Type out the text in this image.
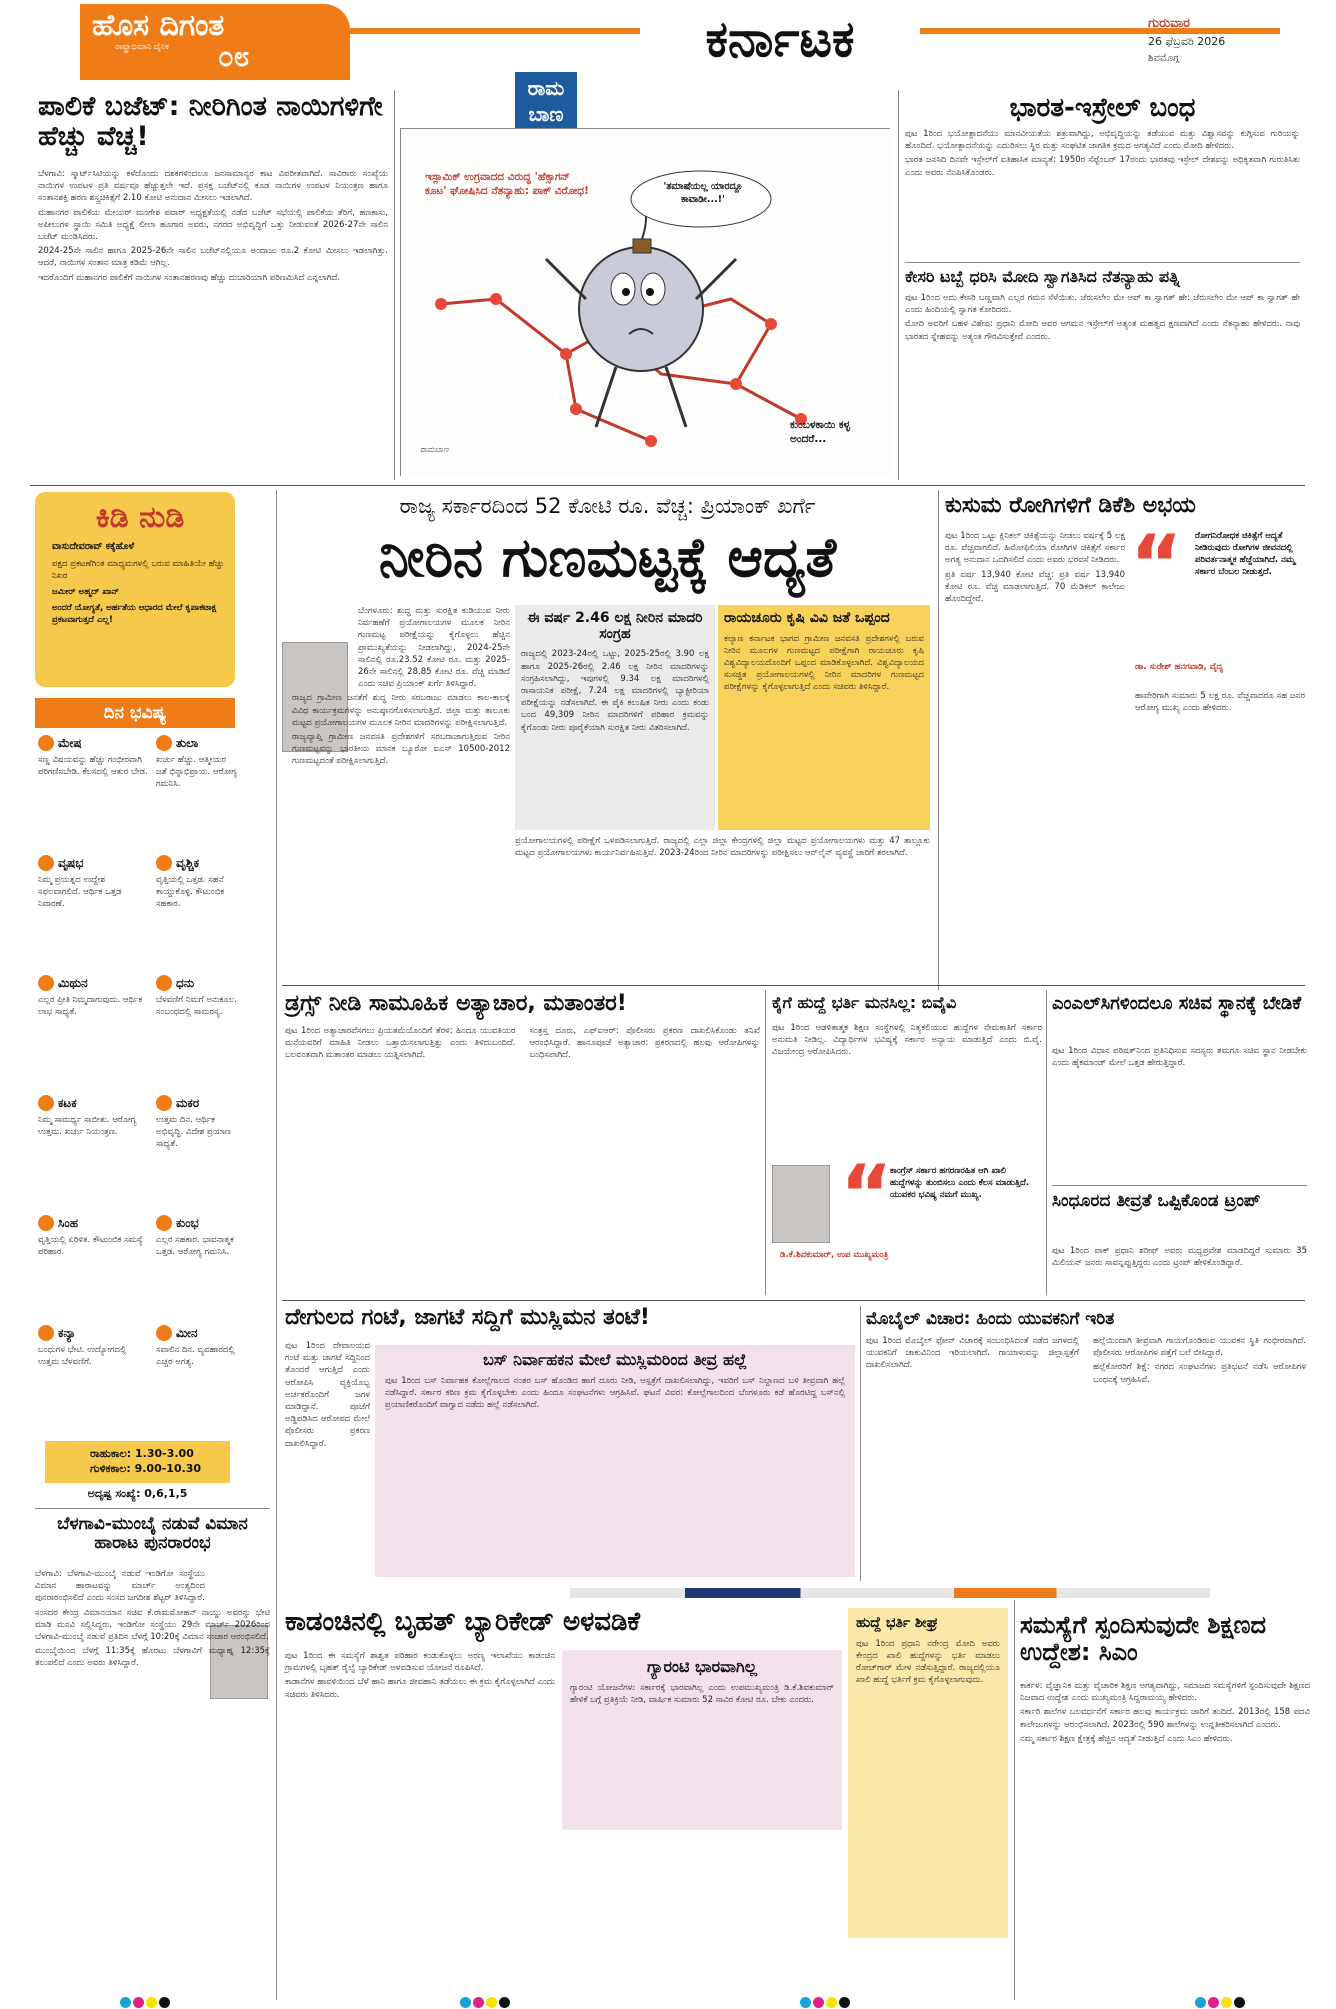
ಹೊಸ ದಿಗಂತ
ರಾಷ್ಟ್ರಾಭಿಮಾನಿ ದೈನಿಕ	೦೮	ಕರ್ನಾಟಕ	ಗುರುವಾರ
26 ಫೆಬ್ರವರಿ 2026
ಶಿವಮೊಗ್ಗ
ಪಾಲಿಕೆ ಬಜೆಟ್: ನೀರಿಗಿಂತ ನಾಯಿಗಳಿಗೇ ಹೆಚ್ಚು ವೆಚ್ಚ!

ಬೆಳಗಾವಿ: ಸ್ಮಾರ್ಟ್‌ಸಿಟಿಯನ್ನು ಕಳೆದೊಂದು ದಶಕಗಳಿಂದಲೂ ಜನಸಾಮಾನ್ಯರ ಕಾಟ ವಿಪರೀತವಾಗಿದೆ. ಸಾವಿರಾರು ಸಂಖ್ಯೆಯ ನಾಯಿಗಳ ಉಪಟಳ ಪ್ರತಿ ವರ್ಷವೂ ಹೆಚ್ಚುತ್ತಲೇ ಇದೆ. ಪ್ರಸಕ್ತ ಬಜೆಟ್‌ನಲ್ಲಿ ಕೂಡ ನಾಯಿಗಳ ಉಪಟಳ ನಿಯಂತ್ರಣ ಹಾಗೂ ಸಂತಾನಶಕ್ತಿ ಹರಣ ಶಸ್ತ್ರಚಿಕಿತ್ಸೆಗೆ 2.10 ಕೋಟಿ ಅನುದಾನ ಮೀಸಲು ಇಡಲಾಗಿದೆ.

ಮಹಾನಗರ ಪಾಲಿಕೆಯ ಮೇಯರ್ ಮಂಗೇಶ ಪವಾರ್ ಅಧ್ಯಕ್ಷತೆಯಲ್ಲಿ ನಡೆದ ಬಜೆಟ್ ಸಭೆಯಲ್ಲಿ ಪಾಲಿಕೆಯ ತೆರಿಗೆ, ಹಣಕಾಸು, ಅಪೀಲುಗಳ ಸ್ಥಾಯಿ ಸಮಿತಿ ಅಧ್ಯಕ್ಷೆ ಲೀಲಾ ಹೂಗಾರ ಅವರು, ನಗರದ ಅಭಿವೃದ್ಧಿಗೆ ಒತ್ತು ನೀಡುವಂತೆ 2026-27ನೇ ಸಾಲಿನ ಬಜೆಟ್ ಮಂಡಿಸಿದರು.

2024-25ನೇ ಸಾಲಿನ ಹಾಗೂ 2025-26ನೇ ಸಾಲಿನ ಬಜೆಟ್‌ನಲ್ಲಿಯೂ ಅಂದಾಜು ರೂ.2 ಕೋಟಿ ಮೀಸಲು ಇಡಲಾಗಿತ್ತು. ಆದರೆ, ನಾಯಿಗಳ ಸಂತಾನ ಮಾತ್ರ ಕಡಿಮೆ ಆಗಿಲ್ಲ.

ಇದರೊಂದಿಗೆ ಮಹಾನಗರ ಪಾಲಿಕೆಗೆ ನಾಯಿಗಳ ಸಂತಾನಹರಣವು ಹೆಚ್ಚು ದುಬಾರಿಯಾಗಿ ಪರಿಣಮಿಸಿದೆ ಎನ್ನಲಾಗಿದೆ.

ರಾಮ ಬಾಣ
ಇಸ್ಲಾಮಿಕ್ ಉಗ್ರವಾದದ ವಿರುದ್ಧ 'ಹೆಕ್ಸಾಗನ್ ಕೂಟ' ಘೋಷಿಸಿದ ನೆತನ್ಯಾಹು: ಪಾಕ್ ವಿರೋಧ!	'ತಮಾಷೆಯಲ್ಲ ಯಾರದ್ದೂ ಕಾವಾಡೀ...!'
ಕುಂಬಳಕಾಯಿ ಕಳ್ಳ ಅಂದರೆ...
ರಾಮಬಾಣ
ಭಾರತ-ಇಸ್ರೇಲ್ ಬಂಧ

ಪುಟ 1ರಿಂದ ಭಯೋತ್ಪಾದನೆಯು ಮಾನವೀಯತೆಯ ಶತ್ರುವಾಗಿದ್ದು, ಅಭಿವೃದ್ಧಿಯನ್ನು ತಡೆಯುವ ಮತ್ತು ವಿಶ್ವಾಸವನ್ನು ಕುಗ್ಗಿಸುವ ಗುರಿಯನ್ನು ಹೊಂದಿದೆ. ಭಯೋತ್ಪಾದನೆಯನ್ನು ಎದುರಿಸಲು ಸ್ಥಿರ ಮತ್ತು ಸಂಘಟಿತ ಜಾಗತಿಕ ಕ್ರಮದ ಅಗತ್ಯವಿದೆ ಎಂದು ಮೋದಿ ಹೇಳಿದರು.

ಭಾರತ ಜನಸಿದಿ ದಿನವೇ ಇಸ್ರೇಲ್‌ಗೆ ಐತಿಹಾಸಿಕ ಮಾನ್ಯತೆ: 1950ರ ಸೆಪ್ಟೆಂಬರ್ 17ರಂದು ಭಾರತವು ಇಸ್ರೇಲ್ ದೇಶವನ್ನು ಅಧಿಕೃತವಾಗಿ ಗುರುತಿಸಿತು ಎಂದು ಅವರು ನೆನಪಿಸಿಕೊಂಡರು.

ಕೇಸರಿ ಟಬ್ಬೆ ಧರಿಸಿ ಮೋದಿ ಸ್ವಾಗತಿಸಿದ ನೆತನ್ಯಾಹು ಪತ್ನಿ

ಪುಟ 1ರಿಂದ ಅದು ಕೇಸರಿ ಬಣ್ಣವಾಗಿ ಎಲ್ಲರ ಗಮನ ಸೆಳೆಯಿತು. ಜೆರುಸಲೇಂ ಮೇ ಆಪ್ ಕಾ ಸ್ವಾಗತ್ ಹೇ: ಜೆರುಸಲೇಂ ಮೇ ಆಪ್ ಕಾ ಸ್ವಾಗತ್ ಹೇ ಎಂದು ಹಿಂದಿಯಲ್ಲಿ ಸ್ವಾಗತ ಕೋರಿದರು.

ಮೋದಿ ಅವರಿಗೆ ಬಹಳ ವಿಶೇಷ: ಪ್ರಧಾನಿ ಮೋದಿ ಅವರ ಆಗಮನ ಇಸ್ರೇಲ್‌ಗೆ ಅತ್ಯಂತ ಮಹತ್ವದ ಕ್ಷಣವಾಗಿದೆ ಎಂದು ನೆತನ್ಯಾಹು ಹೇಳಿದರು. ನಾವು ಭಾರತದ ಸ್ನೇಹವನ್ನು ಅತ್ಯಂತ ಗೌರವಿಸುತ್ತೇವೆ ಎಂದರು.

ಕಿಡಿ ನುಡಿ
ವಾಸುದೇವರಾವ್ ಕಕ್ಕೆಹೊಳೆ
ಪಕ್ಷದ ಪ್ರಕಟಣೆಗಿಂತ ಮಾಧ್ಯಮಗಳಲ್ಲಿ ಬರುವ ಮಾಹಿತಿಯೇ ಹೆಚ್ಚು ನಿಖರ
ಜಮೀರ್ ಅಹ್ಮದ್ ಖಾನ್
ಅಂದರೆ ಯೋಗ್ಯತೆ, ಅರ್ಹತೆಯ ಆಧಾರದ ಮೇಲೆ ಕೃಪಾಕಟಾಕ್ಷ ಪ್ರಕಟವಾಗುತ್ತದೆ ಎಲ್ಲ!
ದಿನ ಭವಿಷ್ಯ
ಮೇಷ
ಸಣ್ಣ ವಿಷಯವನ್ನು ಹೆಚ್ಚು ಗಂಭೀರವಾಗಿ ಪರಿಗಣಿಸಬೇಡಿ. ಕೆಲಸದಲ್ಲಿ ಆತುರ ಬೇಡ.
ತುಲಾ
ಖರ್ಚು ಹೆಚ್ಚು. ಆತ್ಮೀಯರ ಜತೆ ಭಿನ್ನಾಭಿಪ್ರಾಯ. ಆರೋಗ್ಯ ಗಮನಿಸಿ.
ವೃಷಭ
ನಿಮ್ಮ ಪ್ರಯತ್ನದ ಉದ್ದೇಶ ಸಫಲವಾಗಲಿದೆ. ಆರ್ಥಿಕ ಒತ್ತಡ ನಿವಾರಣೆ.
ವೃಶ್ಚಿಕ
ವೃತ್ತಿಯಲ್ಲಿ ಒತ್ತಡ. ಸಹನೆ ಕಾಯ್ದುಕೊಳ್ಳಿ. ಕೌಟುಂಬಿಕ ಸಹಕಾರ.
ಮಿಥುನ
ಎಲ್ಲರ ಪ್ರೀತಿ ನಿಮ್ಮದಾಗುವುದು. ಆರ್ಥಿಕ ಲಾಭ ಸಾಧ್ಯತೆ.
ಧನು
ಬೆಳವಣಿಗೆ ನಿಮಗೆ ಅನುಕೂಲ. ಸಂಬಂಧದಲ್ಲಿ ಸಾಮರಸ್ಯ.
ಕಟಕ
ನಿಮ್ಮ ಸಾಮರ್ಥ್ಯ ಸಾಬೀತು. ಆರೋಗ್ಯ ಉತ್ತಮ. ಖರ್ಚು ನಿಯಂತ್ರಣ.
ಮಕರ
ಉತ್ತಮ ದಿನ. ಆರ್ಥಿಕ ಅಭಿವೃದ್ಧಿ. ವಿದೇಶ ಪ್ರಯಾಣ ಸಾಧ್ಯತೆ.
ಸಿಂಹ
ವೃತ್ತಿಯಲ್ಲಿ ಏರಿಳಿತ. ಕೌಟುಂಬಿಕ ಸಮಸ್ಯೆ ಪರಿಹಾರ.
ಕುಂಭ
ಎಲ್ಲರ ಸಹಕಾರ. ಭಾವನಾತ್ಮಕ ಒತ್ತಡ. ಆರೋಗ್ಯ ಗಮನಿಸಿ.
ಕನ್ಯಾ
ಬಂಧುಗಳ ಭೇಟಿ. ಉದ್ಯೋಗದಲ್ಲಿ ಉತ್ತಮ ಬೆಳವಣಿಗೆ.
ಮೀನ
ಸವಾಲಿನ ದಿನ. ವ್ಯವಹಾರದಲ್ಲಿ ಎಚ್ಚರ ಅಗತ್ಯ.
ರಾಹುಕಾಲ: 1.30-3.00
ಗುಳಿಕಕಾಲ: 9.00-10.30
ಅದೃಷ್ಟ ಸಂಖ್ಯೆ: 0,6,1,5
ಬೆಳಗಾವಿ-ಮುಂಬೈ ನಡುವೆ ವಿಮಾನ ಹಾರಾಟ ಪುನರಾರಂಭ

ಬೆಳಗಾವಿ: ಬೆಳಗಾವಿ-ಮುಂಬೈ ನಡುವೆ ಇಂಡಿಗೋ ಸಂಸ್ಥೆಯು ವಿಮಾನ ಹಾರಾಟವನ್ನು ಮಾರ್ಚ್ ಅಂತ್ಯದಿಂದ ಪುನರಾರಂಭಿಸಲಿದೆ ಎಂದು ಸಂಸದ ಜಗದೀಶ ಶೆಟ್ಟರ್ ತಿಳಿಸಿದ್ದಾರೆ.

ಸಂಸದರ ಕೇಂದ್ರ ವಿಮಾನಯಾನ ಸಚಿವ ಕೆ.ರಾಮಮೋಹನ್ ನಾಯ್ಡು ಅವರನ್ನು ಭೇಟಿ ಮಾಡಿ ಮನವಿ ಸಲ್ಲಿಸಿದ್ದರು. ಇಂಡಿಗೋ ಸಂಸ್ಥೆಯು 29ನೇ ಮಾರ್ಚ್ 2026ರಿಂದ ಬೆಳಗಾವಿ-ಮುಂಬೈ ನಡುವೆ ಪ್ರತಿದಿನ ಬೆಳಗ್ಗೆ 10:20ಕ್ಕೆ ವಿಮಾನ ಸಂಚಾರ ಆರಂಭಿಸಲಿದೆ.

ಮುಂಬೈಯಿಂದ ಬೆಳಗ್ಗೆ 11:35ಕ್ಕೆ ಹೊರಟು ಬೆಳಗಾವಿಗೆ ಮಧ್ಯಾಹ್ನ 12:35ಕ್ಕೆ ತಲುಪಲಿದೆ ಎಂದು ಅವರು ತಿಳಿಸಿದ್ದಾರೆ.

ರಾಜ್ಯ ಸರ್ಕಾರದಿಂದ 52 ಕೋಟಿ ರೂ. ವೆಚ್ಚ: ಪ್ರಿಯಾಂಕ್ ಖರ್ಗೆ
ನೀರಿನ ಗುಣಮಟ್ಟಕ್ಕೆ ಆದ್ಯತೆ

ಬೆಂಗಳೂರು: ಶುದ್ಧ ಮತ್ತು ಸುರಕ್ಷಿತ ಕುಡಿಯುವ ನೀರು ನಿರ್ವಹಣೆಗೆ ಪ್ರಯೋಗಾಲಯಗಳ ಮೂಲಕ ನೀರಿನ ಗುಣಮಟ್ಟ ಪರೀಕ್ಷೆಯನ್ನು ಕೈಗೊಳ್ಳಲು ಹೆಚ್ಚಿನ ಪ್ರಾಮುಖ್ಯತೆಯನ್ನು ನೀಡಲಾಗಿದ್ದು, 2024-25ನೇ ಸಾಲಿನಲ್ಲಿ ರೂ.23.52 ಕೋಟಿ ರೂ. ಮತ್ತು 2025-26ನೇ ಸಾಲಿನಲ್ಲಿ 28.85 ಕೋಟಿ ರೂ. ವೆಚ್ಚ ಮಾಡಿದೆ ಎಂದು ಸಚಿವ ಪ್ರಿಯಾಂಕ್ ಖರ್ಗೆ ತಿಳಿಸಿದ್ದಾರೆ.

ರಾಜ್ಯದ ಗ್ರಾಮೀಣ ಜನತೆಗೆ ಶುದ್ಧ ನೀರು ಸರಬರಾಜು ಮಾಡಲು ಕಾಲ-ಕಾಲಕ್ಕೆ ವಿವಿಧ ಕಾರ್ಯಕ್ರಮಗಳನ್ನು ಅನುಷ್ಠಾನಗೊಳಿಸಲಾಗುತ್ತಿದೆ. ಜಿಲ್ಲಾ ಮತ್ತು ತಾಲೂಕು ಮಟ್ಟದ ಪ್ರಯೋಗಾಲಯಗಳ ಮೂಲಕ ನೀರಿನ ಮಾದರಿಗಳನ್ನು ಪರೀಕ್ಷಿಸಲಾಗುತ್ತಿದೆ.

ರಾಜ್ಯವ್ಯಾಪ್ತಿ ಗ್ರಾಮೀಣ ಜನವಸತಿ ಪ್ರದೇಶಗಳಿಗೆ ಸರಬರಾಜಾಗುತ್ತಿರುವ ನೀರಿನ ಗುಣಮಟ್ಟವನ್ನು ಭಾರತೀಯ ಮಾನಕ ಬ್ಯೂರೋ ಐಎಸ್ 10500-2012 ಗುಣಮಟ್ಟದಂತೆ ಪರೀಕ್ಷಿಸಲಾಗುತ್ತಿದೆ.

ಈ ವರ್ಷ 2.46 ಲಕ್ಷ ನೀರಿನ ಮಾದರಿ ಸಂಗ್ರಹ
ರಾಜ್ಯದಲ್ಲಿ 2023-24ರಲ್ಲಿ ಒಟ್ಟು, 2025-25ರಲ್ಲಿ 3.90 ಲಕ್ಷ ಹಾಗೂ 2025-26ರಲ್ಲಿ 2.46 ಲಕ್ಷ ನೀರಿನ ಮಾದರಿಗಳನ್ನು ಸಂಗ್ರಹಿಸಲಾಗಿದ್ದು, ಇವುಗಳಲ್ಲಿ 9.34 ಲಕ್ಷ ಮಾದರಿಗಳಲ್ಲಿ ರಾಸಾಯನಿಕ ಪರೀಕ್ಷೆ, 7.24 ಲಕ್ಷ ಮಾದರಿಗಳಲ್ಲಿ ಬ್ಯಾಕ್ಟೀರಿಯಾ ಪರೀಕ್ಷೆಯನ್ನು ನಡೆಸಲಾಗಿದೆ. ಈ ಪೈಕಿ ಕಲುಷಿತ ನೀರು ಎಂದು ಕಂಡು ಬಂದ 49,309 ನೀರಿನ ಮಾದರಿಗಳಿಗೆ ಪರಿಹಾರ ಕ್ರಮವನ್ನು ಕೈಗೊಂಡು ನೀರು ಪೂರೈಕೆಯಾಗಿ ಸುರಕ್ಷಿತ ನೀರು ವಿತರಿಸಲಾಗಿದೆ.
ರಾಯಚೂರು ಕೃಷಿ ವಿವಿ ಜತೆ ಒಪ್ಪಂದ
ಕಲ್ಯಾಣ ಕರ್ನಾಟಕ ಭಾಗದ ಗ್ರಾಮೀಣ ಜನವಸತಿ ಪ್ರದೇಶಗಳಲ್ಲಿ ಬರುವ ನೀರಿನ ಮೂಲಗಳ ಗುಣಮಟ್ಟದ ಪರೀಕ್ಷೆಗಾಗಿ ರಾಯಚೂರು ಕೃಷಿ ವಿಶ್ವವಿದ್ಯಾಲಯದೊಂದಿಗೆ ಒಪ್ಪಂದ ಮಾಡಿಕೊಳ್ಳಲಾಗಿದೆ. ವಿಶ್ವವಿದ್ಯಾಲಯದ ಸುಸಜ್ಜಿತ ಪ್ರಯೋಗಾಲಯಗಳಲ್ಲಿ ನೀರಿನ ಮಾದರಿಗಳ ಗುಣಮಟ್ಟದ ಪರೀಕ್ಷೆಗಳನ್ನು ಕೈಗೊಳ್ಳಲಾಗುತ್ತಿದೆ ಎಂದು ಸಚಿವರು ತಿಳಿಸಿದ್ದಾರೆ.

ಪ್ರಯೋಗಾಲಯಗಳಲ್ಲಿ ಪರೀಕ್ಷೆಗೆ ಒಳಪಡಿಸಲಾಗುತ್ತಿದೆ. ರಾಜ್ಯದಲ್ಲಿ ಎಲ್ಲಾ ಜಿಲ್ಲಾ ಕೇಂದ್ರಗಳಲ್ಲಿ ಜಿಲ್ಲಾ ಮಟ್ಟದ ಪ್ರಯೋಗಾಲಯಗಳು ಮತ್ತು 47 ತಾಲ್ಲೂಕು ಮಟ್ಟದ ಪ್ರಯೋಗಾಲಯಗಳು ಕಾರ್ಯನಿರ್ವಹಿಸುತ್ತಿವೆ. 2023-24ರಿಂದ ನೀರಿನ ಮಾದರಿಗಳನ್ನು ಪರೀಕ್ಷಿಸಲು ಆನ್‌ಲೈನ್ ವ್ಯವಸ್ಥೆ ಜಾರಿಗೆ ತರಲಾಗಿದೆ.

ಕುಸುಮ ರೋಗಿಗಳಿಗೆ ಡಿಕೆಶಿ ಅಭಯ
“ ರೋಗನಿರೋಧಕ ಚಿಕಿತ್ಸೆಗೆ ಆದ್ಯತೆ ನೀಡಿರುವುದು ರೋಗಿಗಳ ಜೀವನದಲ್ಲಿ ಪರಿವರ್ತನಾತ್ಮಕ ಹೆಜ್ಜೆಯಾಗಿದೆ. ನಮ್ಮ ಸರ್ಕಾರ ಬೆಂಬಲ ನೀಡುತ್ತದೆ.
ಡಾ. ಸುರೇಶ್ ಹನಗವಾಡಿ, ವೈದ್ಯ

ಪುಟ 1ರಿಂದ ಒಟ್ಟು ಕ್ಲಿನಿಕಲ್ ಚಿಕಿತ್ಸೆಯನ್ನು ನೀಡಲು ವರ್ಷಕ್ಕೆ 5 ಲಕ್ಷ ರೂ. ವೆಚ್ಚವಾಗಲಿದೆ. ಹಿಮೋಫಿಲಿಯಾ ರೋಗಿಗಳ ಚಿಕಿತ್ಸೆಗೆ ಸರ್ಕಾರ ಅಗತ್ಯ ಅನುದಾನ ಒದಗಿಸಲಿದೆ ಎಂದು ಅವರು ಭರವಸೆ ನೀಡಿದರು.

ಪ್ರತಿ ವರ್ಷ 13,940 ಕೋಟಿ ವೆಚ್ಚ: ಪ್ರತಿ ವರ್ಷ 13,940 ಕೋಟಿ ರೂ. ವೆಚ್ಚ ಮಾಡಲಾಗುತ್ತಿದೆ. 70 ಮೆಡಿಕಲ್ ಕಾಲೇಜು ಹೊಂದಿದ್ದೇವೆ.

ಹಾವೇರಿಗಾಗಿ ಸುಮಾರು 5 ಲಕ್ಷ ರೂ. ವೆಚ್ಚವಾದರೂ ಸಹ ಜನರ ಆರೋಗ್ಯ ಮುಖ್ಯ ಎಂದು ಹೇಳಿದರು.

ಡ್ರಗ್ಸ್ ನೀಡಿ ಸಾಮೂಹಿಕ ಅತ್ಯಾಚಾರ, ಮತಾಂತರ!

ಪುಟ 1ರಿಂದ ಅತ್ಯಾಚಾರವೆಸಗಲು ಪ್ರಿಯತಮೆಯೊಂದಿಗೆ ತೆರಳಿ: ಹಿಂದೂ ಯುವತಿಯರ ಮನೆಯವರಿಗೆ ಮಾಹಿತಿ ನೀಡಲು ಒತ್ತಾಯಿಸಲಾಗುತ್ತಿತ್ತು ಎಂದು ತಿಳಿದುಬಂದಿದೆ. ಬಲವಂತವಾಗಿ ಮತಾಂತರ ಮಾಡಲು ಯತ್ನಿಸಲಾಗಿದೆ.

ಸಂತ್ರಸ್ತ ದೂರು, ಎಫ್‌ಐಆರ್: ಪೊಲೀಸರು ಪ್ರಕರಣ ದಾಖಲಿಸಿಕೊಂಡು ತನಿಖೆ ಆರಂಭಿಸಿದ್ದಾರೆ. ಹಾನೂಪೂಜೆ ಅತ್ಯಾಚಾರ: ಪ್ರಕರಣದಲ್ಲಿ ಹಲವು ಆರೋಪಿಗಳನ್ನು ಬಂಧಿಸಲಾಗಿದೆ.

ಕೈಗೆ ಹುದ್ದೆ ಭರ್ತಿ ಮನಸಿಲ್ಲ: ಬಿವೈವಿ

ಪುಟ 1ರಿಂದ ಆಡಳಿತಾತ್ಮಕ ಶಿಕ್ಷಣ ಸಂಸ್ಥೆಗಳಲ್ಲಿ ನಿತ್ಯಕಲಿಯುವ ಹುದ್ದೆಗಳ ನೇಮಕಾತಿಗೆ ಸರ್ಕಾರ ಅನುಮತಿ ನೀಡಿಲ್ಲ. ವಿದ್ಯಾರ್ಥಿಗಳ ಭವಿಷ್ಯಕ್ಕೆ ಸರ್ಕಾರ ಅನ್ಯಾಯ ಮಾಡುತ್ತಿದೆ ಎಂದು ಬಿ.ವೈ. ವಿಜಯೇಂದ್ರ ಆರೋಪಿಸಿದರು.

“
ಕಾಂಗ್ರೆಸ್ ಸರ್ಕಾರ ಹಗರಣರಹಿತ ಆಗಿ ಖಾಲಿ ಹುದ್ದೆಗಳನ್ನು ತುಂಬಿಸಲು ಎಂದು ಕೆಲಸ ಮಾಡುತ್ತಿದೆ. ಯುವಕರ ಭವಿಷ್ಯ ನಮಗೆ ಮುಖ್ಯ.
ಡಿ.ಕೆ.ಶಿವಕುಮಾರ್, ಉಪ ಮುಖ್ಯಮಂತ್ರಿ
ಎಂಎಲ್‌ಸಿಗಳಿಂದಲೂ ಸಚಿವ ಸ್ಥಾನಕ್ಕೆ ಬೇಡಿಕೆ

ಪುಟ 1ರಿಂದ ವಿಧಾನ ಪರಿಷತ್‌ನಿಂದ ಪ್ರತಿನಿಧಿಸುವ ಸದಸ್ಯರು ತಮಗೂ ಸಚಿವ ಸ್ಥಾನ ನೀಡಬೇಕು ಎಂದು ಹೈಕಮಾಂಡ್ ಮೇಲೆ ಒತ್ತಡ ಹೇರುತ್ತಿದ್ದಾರೆ.

ಸಿಂಧೂರದ ತೀವ್ರತೆ ಒಪ್ಪಿಕೊಂಡ ಟ್ರಂಪ್

ಪುಟ 1ರಿಂದ ಪಾಕ್ ಪ್ರಧಾನಿ ಶರೀಫ್ ಅವರು ಮಧ್ಯಪ್ರವೇಶ ಮಾಡದಿದ್ದರೆ ಸುಮಾರು 35 ಮಿಲಿಯನ್ ಜನರು ಸಾವನ್ನಪ್ಪುತ್ತಿದ್ದರು ಎಂದು ಟ್ರಂಪ್ ಹೇಳಿಕೊಂಡಿದ್ದಾರೆ.

ದೇಗುಲದ ಗಂಟೆ, ಜಾಗಟೆ ಸದ್ದಿಗೆ ಮುಸ್ಲಿಮನ ತಂಟೆ!

ಪುಟ 1ರಿಂದ ದೇವಾಲಯದ ಗಂಟೆ ಮತ್ತು ಜಾಗಟೆ ಸದ್ದಿನಿಂದ ತೊಂದರೆ ಆಗುತ್ತಿದೆ ಎಂದು ಆರೋಪಿಸಿ ವ್ಯಕ್ತಿಯೊಬ್ಬ ಅರ್ಚಕರೊಂದಿಗೆ ಜಗಳ ಮಾಡಿದ್ದಾನೆ. ಪೂಜೆಗೆ ಅಡ್ಡಿಪಡಿಸಿದ ಆರೋಪದ ಮೇಲೆ ಪೊಲೀಸರು ಪ್ರಕರಣ ದಾಖಲಿಸಿದ್ದಾರೆ.

ಬಸ್ ನಿರ್ವಾಹಕನ ಮೇಲೆ ಮುಸ್ಲಿಮರಿಂದ ತೀವ್ರ ಹಲ್ಲೆ
ಪುಟ 1ರಿಂದ ಬಸ್ ನಿರ್ವಾಹಕ ಕೋಲ್ಲೆಗಾಲದ ನಂತರ ಬಸ್ ಹೊಂಡಿದ ಹಾಗೆ ದೂರು ನೀಡಿ, ಆಸ್ಪತ್ರೆಗೆ ದಾಖಲಿಸಲಾಗಿದ್ದು, ಇವರಿಗೆ ಬಸ್ ನಿಲ್ದಾಣದ ಬಳಿ ತೀವ್ರವಾಗಿ ಹಲ್ಲೆ ನಡೆಸಿದ್ದಾರೆ. ಸರ್ಕಾರ ಕಠಿಣ ಕ್ರಮ ಕೈಗೊಳ್ಳಬೇಕು ಎಂದು ಹಿಂದೂ ಸಂಘಟನೆಗಳು ಆಗ್ರಹಿಸಿವೆ. ಘಟನೆ ವಿವರ: ಕೋಲ್ಲೆಗಾಲದಿಂದ ಬೆಂಗಳೂರು ಕಡೆ ಹೊರಟಿದ್ದ ಬಸ್‌ನಲ್ಲಿ ಪ್ರಯಾಣಿಕರೊಂದಿಗೆ ವಾಗ್ವಾದ ನಡೆದು ಹಲ್ಲೆ ನಡೆಸಲಾಗಿದೆ.
ಮೊಬೈಲ್ ವಿಚಾರ: ಹಿಂದು ಯುವಕನಿಗೆ ಇರಿತ

ಪುಟ 1ರಿಂದ ಮೊಬೈಲ್ ಫೋನ್ ವಿಚಾರಕ್ಕೆ ಸಂಬಂಧಿಸಿದಂತೆ ನಡೆದ ಜಗಳದಲ್ಲಿ ಯುವಕನಿಗೆ ಚಾಕುವಿನಿಂದ ಇರಿಯಲಾಗಿದೆ. ಗಾಯಾಳುವನ್ನು ಜಿಲ್ಲಾಸ್ಪತ್ರೆಗೆ ದಾಖಲಿಸಲಾಗಿದೆ.

ಹಲ್ಲೆಯಿಂದಾಗಿ ತೀವ್ರವಾಗಿ ಗಾಯಗೊಂಡಿರುವ ಯುವಕನ ಸ್ಥಿತಿ ಗಂಭೀರವಾಗಿದೆ. ಪೊಲೀಸರು ಆರೋಪಿಗಳ ಪತ್ತೆಗೆ ಬಲೆ ಬೀಸಿದ್ದಾರೆ.

ಹಲ್ಲೆಕೋರರಿಗೆ ಶಿಕ್ಷೆ: ನಗರದ ಸಂಘಟನೆಗಳು ಪ್ರತಿಭಟನೆ ನಡೆಸಿ ಆರೋಪಿಗಳ ಬಂಧನಕ್ಕೆ ಆಗ್ರಹಿಸಿವೆ.

ಕಾಡಂಚಿನಲ್ಲಿ ಬೃಹತ್ ಬ್ಯಾರಿಕೇಡ್ ಅಳವಡಿಕೆ

ಪುಟ 1ರಿಂದ ಈ ಸಮಸ್ಯೆಗೆ ಶಾಶ್ವತ ಪರಿಹಾರ ಕಂಡುಕೊಳ್ಳಲು ಅರಣ್ಯ ಇಲಾಖೆಯು ಕಾಡಂಚಿನ ಗ್ರಾಮಗಳಲ್ಲಿ ಬೃಹತ್ ರೈಲ್ವೆ ಬ್ಯಾರಿಕೇಡ್ ಅಳವಡಿಸುವ ಯೋಜನೆ ರೂಪಿಸಿದೆ.

ಕಾಡಾನೆಗಳ ಹಾವಳಿಯಿಂದ ಬೆಳೆ ಹಾನಿ ಹಾಗೂ ಜೀವಹಾನಿ ತಡೆಯಲು ಈ ಕ್ರಮ ಕೈಗೊಳ್ಳಲಾಗಿದೆ ಎಂದು ಸಚಿವರು ತಿಳಿಸಿದರು.

ಗ್ಯಾರಂಟಿ ಭಾರವಾಗಿಲ್ಲ
ಗ್ಯಾರಂಟಿ ಯೋಜನೆಗಳು ಸರ್ಕಾರಕ್ಕೆ ಭಾರವಾಗಿಲ್ಲ ಎಂದು ಉಪಮುಖ್ಯಮಂತ್ರಿ ಡಿ.ಕೆ.ಶಿವಕುಮಾರ್ ಹೇಳಿಕೆ ಬಗ್ಗೆ ಪ್ರತಿಕ್ರಿಯೆ ನೀಡಿ, ವಾರ್ಷಿಕ ಸುಮಾರು 52 ಸಾವಿರ ಕೋಟಿ ರೂ. ಬೇಕು ಎಂದರು.
ಹುದ್ದೆ ಭರ್ತಿ ಶೀಘ್ರ
ಪುಟ 1ರಿಂದ ಪ್ರಧಾನಿ ನರೇಂದ್ರ ಮೋದಿ ಅವರು ಕೇಂದ್ರದ ಖಾಲಿ ಹುದ್ದೆಗಳನ್ನು ಭರ್ತಿ ಮಾಡಲು ರೋಜ್‌ಗಾರ್ ಮೇಳ ನಡೆಸುತ್ತಿದ್ದಾರೆ. ರಾಜ್ಯದಲ್ಲಿಯೂ ಖಾಲಿ ಹುದ್ದೆ ಭರ್ತಿಗೆ ಕ್ರಮ ಕೈಗೊಳ್ಳಲಾಗುವುದು.
ಸಮಸ್ಯೆಗೆ ಸ್ಪಂದಿಸುವುದೇ ಶಿಕ್ಷಣದ ಉದ್ದೇಶ: ಸಿಎಂ

ಕಾರ್ಕಳ: ವೈಜ್ಞಾನಿಕ ಮತ್ತು ವೈಚಾರಿಕ ಶಿಕ್ಷಣ ಅಗತ್ಯವಾಗಿದ್ದು, ಸಮಾಜದ ಸಮಸ್ಯೆಗಳಿಗೆ ಸ್ಪಂದಿಸುವುದೇ ಶಿಕ್ಷಣದ ನಿಜವಾದ ಉದ್ದೇಶ ಎಂದು ಮುಖ್ಯಮಂತ್ರಿ ಸಿದ್ದರಾಮಯ್ಯ ಹೇಳಿದರು.

ಸರ್ಕಾರಿ ಶಾಲೆಗಳ ಬಲವರ್ಧನೆಗೆ ಸರ್ಕಾರ ಹಲವು ಕಾರ್ಯಕ್ರಮ ಜಾರಿಗೆ ತಂದಿದೆ. 2013ರಲ್ಲಿ 158 ಪದವಿ ಕಾಲೇಜುಗಳನ್ನು ಆರಂಭಿಸಲಾಗಿದೆ. 2023ರಲ್ಲಿ 590 ಶಾಲೆಗಳನ್ನು ಉನ್ನತೀಕರಿಸಲಾಗಿದೆ ಎಂದರು.

ನಮ್ಮ ಸರ್ಕಾರ ಶಿಕ್ಷಣ ಕ್ಷೇತ್ರಕ್ಕೆ ಹೆಚ್ಚಿನ ಆದ್ಯತೆ ನೀಡುತ್ತಿದೆ ಎಂದು ಸಿಎಂ ಹೇಳಿದರು.
